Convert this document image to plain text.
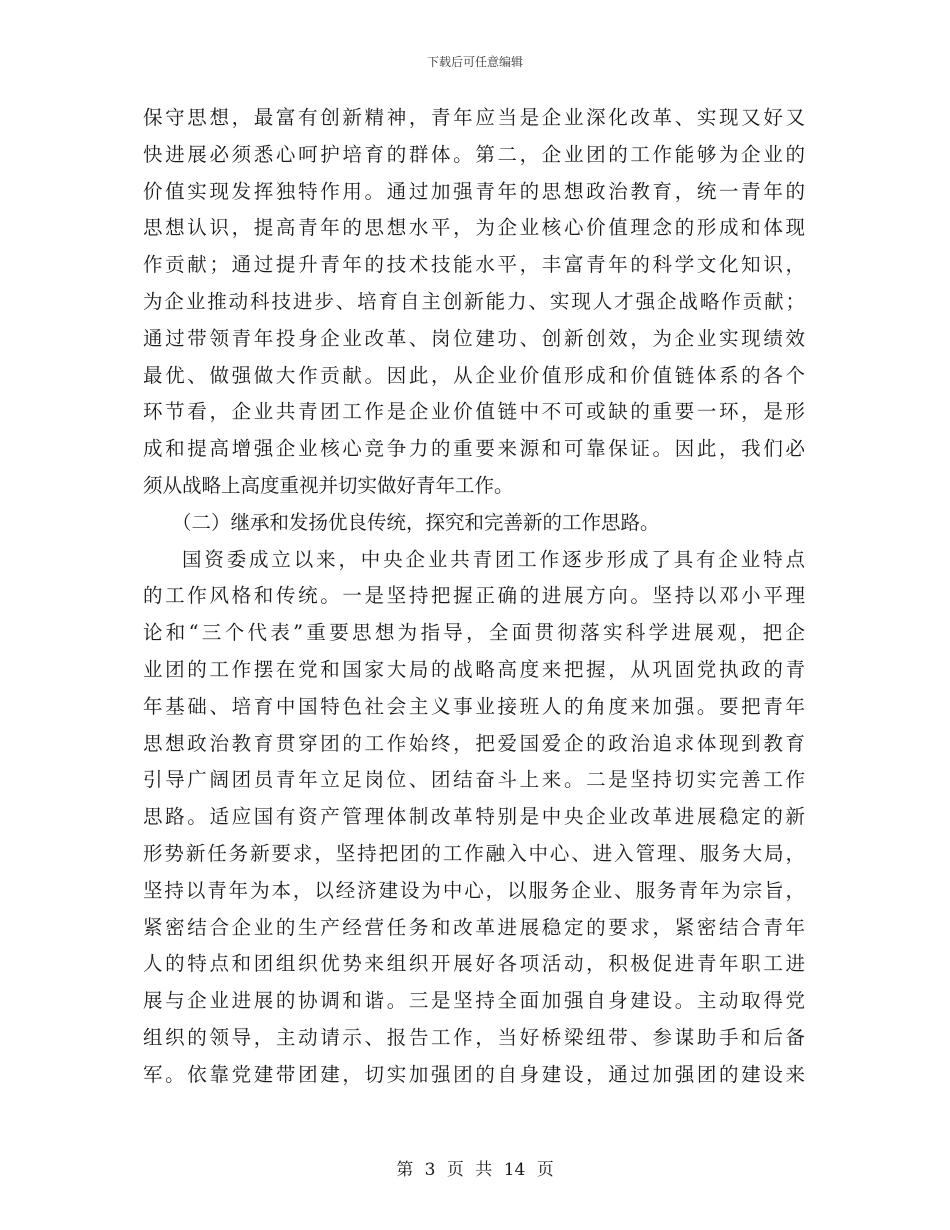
下载后可任意编辑
保守思想，最富有创新精神，青年应当是企业深化改革、实现又好又
快进展必须悉心呵护培育的群体。第二，企业团的工作能够为企业的
价值实现发挥独特作用。通过加强青年的思想政治教育，统一青年的
思想认识，提高青年的思想水平，为企业核心价值理念的形成和体现
作贡献；通过提升青年的技术技能水平，丰富青年的科学文化知识，
为企业推动科技进步、培育自主创新能力、实现人才强企战略作贡献；
通过带领青年投身企业改革、岗位建功、创新创效，为企业实现绩效
最优、做强做大作贡献。因此，从企业价值形成和价值链体系的各个
环节看，企业共青团工作是企业价值链中不可或缺的重要一环，是形
成和提高增强企业核心竞争力的重要来源和可靠保证。因此，我们必
须从战略上高度重视并切实做好青年工作。
（二）继承和发扬优良传统，探究和完善新的工作思路。
国资委成立以来，中央企业共青团工作逐步形成了具有企业特点
的工作风格和传统。一是坚持把握正确的进展方向。坚持以邓小平理
论和“三个代表”重要思想为指导，全面贯彻落实科学进展观，把企
业团的工作摆在党和国家大局的战略高度来把握，从巩固党执政的青
年基础、培育中国特色社会主义事业接班人的角度来加强。要把青年
思想政治教育贯穿团的工作始终，把爱国爱企的政治追求体现到教育
引导广阔团员青年立足岗位、团结奋斗上来。二是坚持切实完善工作
思路。适应国有资产管理体制改革特别是中央企业改革进展稳定的新
形势新任务新要求，坚持把团的工作融入中心、进入管理、服务大局，
坚持以青年为本，以经济建设为中心，以服务企业、服务青年为宗旨，
紧密结合企业的生产经营任务和改革进展稳定的要求，紧密结合青年
人的特点和团组织优势来组织开展好各项活动，积极促进青年职工进
展与企业进展的协调和谐。三是坚持全面加强自身建设。主动取得党
组织的领导，主动请示、报告工作，当好桥梁纽带、参谋助手和后备
军。依靠党建带团建，切实加强团的自身建设，通过加强团的建设来
第 3 页 共 14 页
